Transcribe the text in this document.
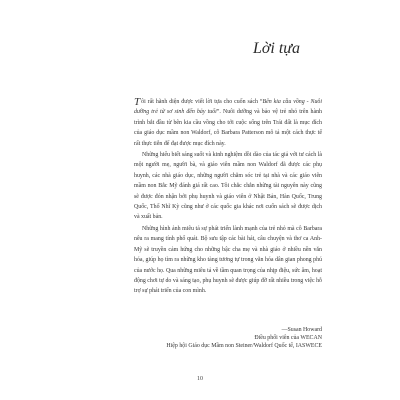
Lời tựa

Tôi rất hãnh diện được viết lời tựa cho cuốn sách “Bên kia cầu vồng - Nuôi dưỡng trẻ từ sơ sinh đến bảy tuổi”. Nuôi dưỡng và bảo vệ trẻ nhỏ trên hành trình bắt đầu từ bên kia cầu vồng cho tới cuộc sống trên Trái đất là mục đích của giáo dục mầm non Waldorf, cô Barbara Patterson mô tả một cách thực tế rất thực tiễn để đạt được mục đích này.

Những hiểu biết sáng suốt và kinh nghiệm dồi dào của tác giả với tư cách là một người mẹ, người bà, và giáo viên mầm non Waldorf đã được các phụ huynh, các nhà giáo dục, những người chăm sóc trẻ tại nhà và các giáo viên mầm non Bắc Mỹ đánh giá rất cao. Tôi chắc chắn những tài nguyên này cũng sẽ được đón nhận bởi phụ huynh và giáo viên ở Nhật Bản, Hàn Quốc, Trung Quốc, Thổ Nhĩ Kỳ cũng như ở các quốc gia khác nơi cuốn sách sẽ được dịch và xuất bản.

Những hình ảnh miêu tả sự phát triển lành mạnh của trẻ nhỏ mà cô Barbara nêu ra mang tính phổ quát. Bộ sưu tập các bài hát, câu chuyện và thơ ca Anh-Mỹ sẽ truyền cảm hứng cho những bậc cha mẹ và nhà giáo ở nhiều nền văn hóa, giúp họ tìm ra những kho tàng tương tự trong văn hóa dân gian phong phú của nước họ. Qua những miêu tả về tầm quan trọng của nhịp điệu, sức âm, hoạt động chơi tự do và sáng tạo, phụ huynh sẽ được giúp đỡ rất nhiều trong việc hỗ trợ sự phát triển của con mình.

—Susan Howard
Điều phối viên của WECAN
Hiệp hội Giáo dục Mầm non Steiner/Waldorf Quốc tế, IASWECE
10
